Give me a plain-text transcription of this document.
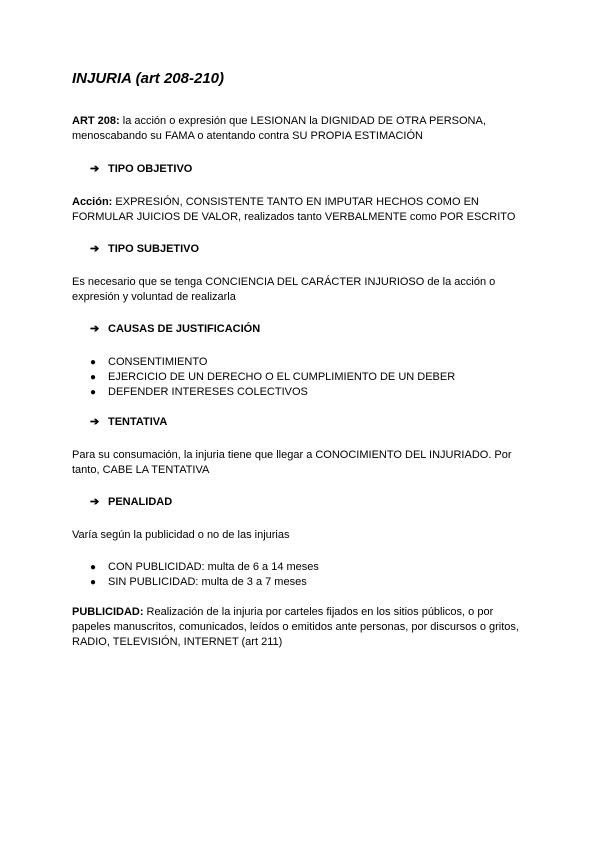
INJURIA (art 208-210)

ART 208: la acción o expresión que LESIONAN la DIGNIDAD DE OTRA PERSONA, menoscabando su FAMA o atentando contra SU PROPIA ESTIMACIÓN

➔ TIPO OBJETIVO

Acción: EXPRESIÓN, CONSISTENTE TANTO EN IMPUTAR HECHOS COMO EN FORMULAR JUICIOS DE VALOR, realizados tanto VERBALMENTE como POR ESCRITO

➔ TIPO SUBJETIVO

Es necesario que se tenga CONCIENCIA DEL CARÁCTER INJURIOSO de la acción o expresión y voluntad de realizarla

➔ CAUSAS DE JUSTIFICACIÓN
● CONSENTIMIENTO
● EJERCICIO DE UN DERECHO O EL CUMPLIMIENTO DE UN DEBER
● DEFENDER INTERESES COLECTIVOS
➔ TENTATIVA

Para su consumación, la injuria tiene que llegar a CONOCIMIENTO DEL INJURIADO. Por tanto, CABE LA TENTATIVA

➔ PENALIDAD

Varía según la publicidad o no de las injurias

● CON PUBLICIDAD: multa de 6 a 14 meses
● SIN PUBLICIDAD: multa de 3 a 7 meses

PUBLICIDAD: Realización de la injuria por carteles fijados en los sitios públicos, o por papeles manuscritos, comunicados, leídos o emitidos ante personas, por discursos o gritos, RADIO, TELEVISIÓN, INTERNET (art 211)
